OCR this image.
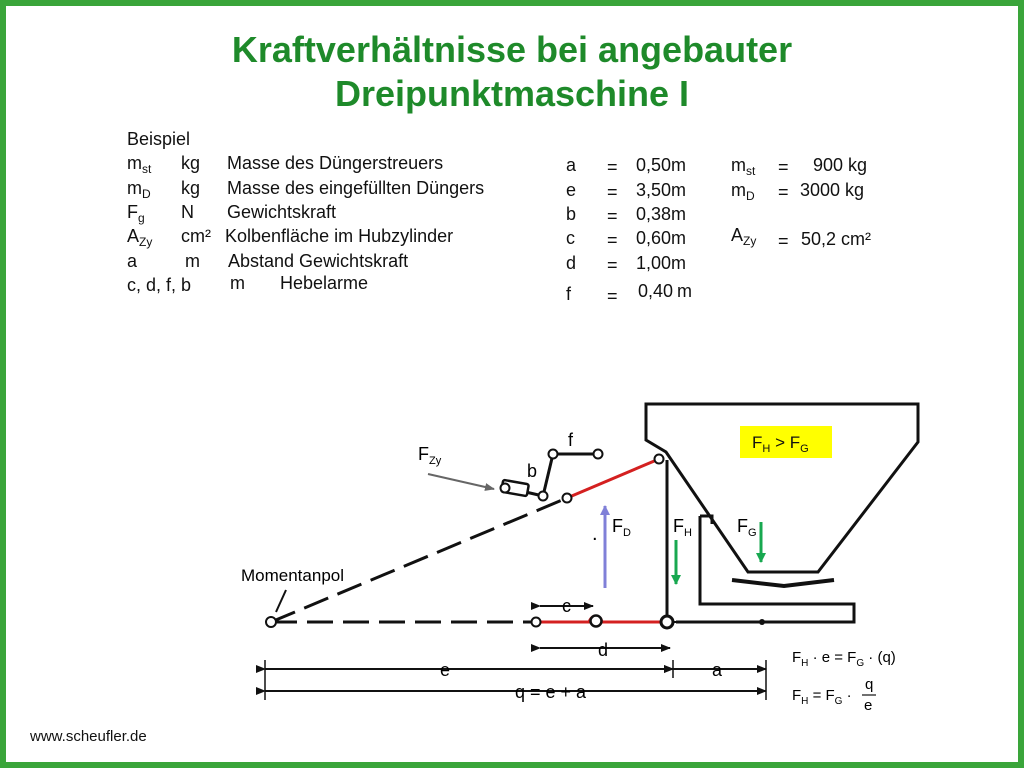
Kraftverhältnisse bei angebauter
Dreipunktmaschine I
Beispiel
$m_{st}$ kg Masse des Düngerstreuers
$m_D$ kg Masse des eingefüllten Düngers
$F_g$ N Gewichtskraft
$A_{Zy}$ cm² Kolbenfläche im Hubzylinder
a	m Abstand Gewichtskraft
c, d, f, b m Hebelarme
a = 0,50m
e = 3,50m
b = 0,38m
c = 0,60m
d = 1,00m
f = 0,40 m
$m_{st} = 900$ kg
$m_D = 3000$ kg
$A_{Zy} = 50,2$ cm²
$F_H > F_G$
f
b
$F_{Zy}$
. $F_D$ $F_H$	$F_G$
Momentanpol
c
d
e	a
q = e + a
$F_H \cdot e = F_G \cdot (q)$
$F_H = F_G$ ·
q
e
www.scheufler.de
